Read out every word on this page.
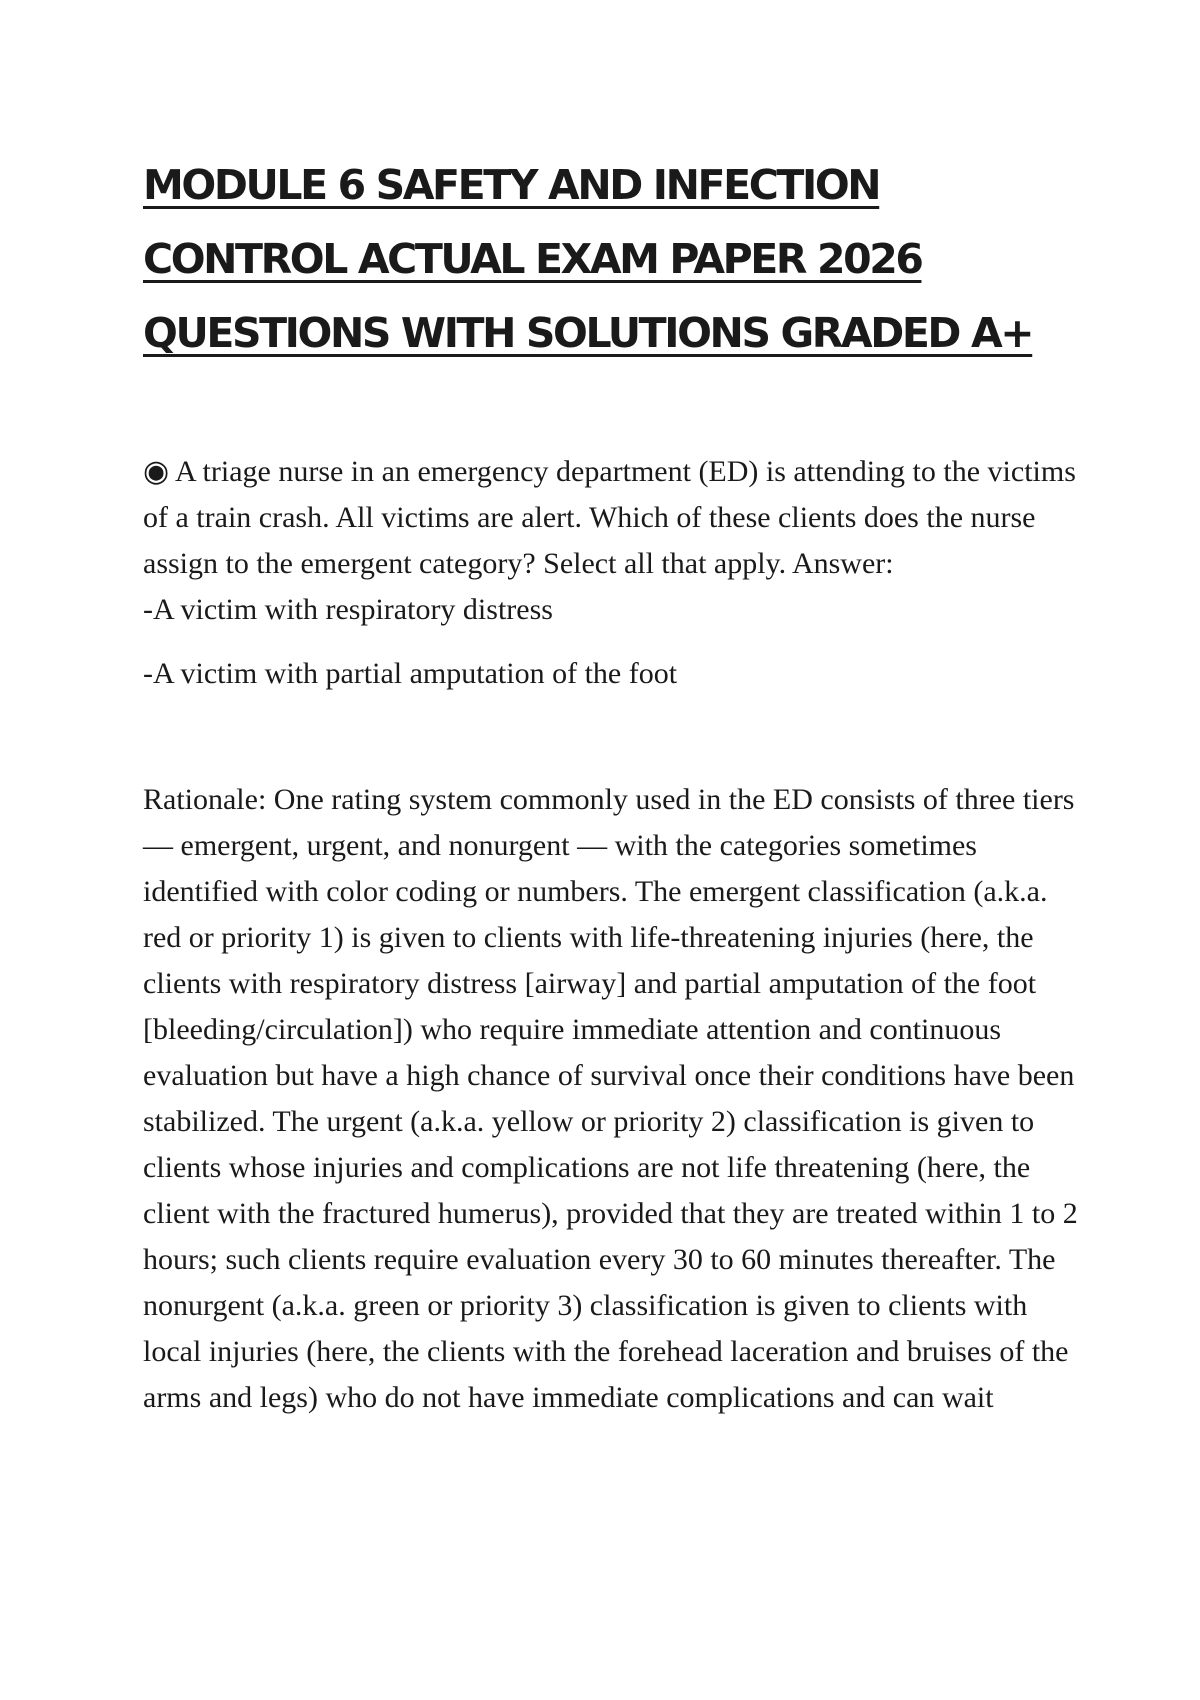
MODULE 6 SAFETY AND INFECTION CONTROL ACTUAL EXAM PAPER 2026 QUESTIONS WITH SOLUTIONS GRADED A+

◉ A triage nurse in an emergency department (ED) is attending to the victims of a train crash. All victims are alert. Which of these clients does the nurse assign to the emergent category? Select all that apply. Answer:

-A victim with respiratory distress

-A victim with partial amputation of the foot

Rationale: One rating system commonly used in the ED consists of three tiers — emergent, urgent, and nonurgent — with the categories sometimes identified with color coding or numbers. The emergent classification (a.k.a. red or priority 1) is given to clients with life-threatening injuries (here, the clients with respiratory distress [airway] and partial amputation of the foot [bleeding/circulation]) who require immediate attention and continuous evaluation but have a high chance of survival once their conditions have been stabilized. The urgent (a.k.a. yellow or priority 2) classification is given to clients whose injuries and complications are not life threatening (here, the client with the fractured humerus), provided that they are treated within 1 to 2 hours; such clients require evaluation every 30 to 60 minutes thereafter. The nonurgent (a.k.a. green or priority 3) classification is given to clients with local injuries (here, the clients with the forehead laceration and bruises of the arms and legs) who do not have immediate complications and can wait
